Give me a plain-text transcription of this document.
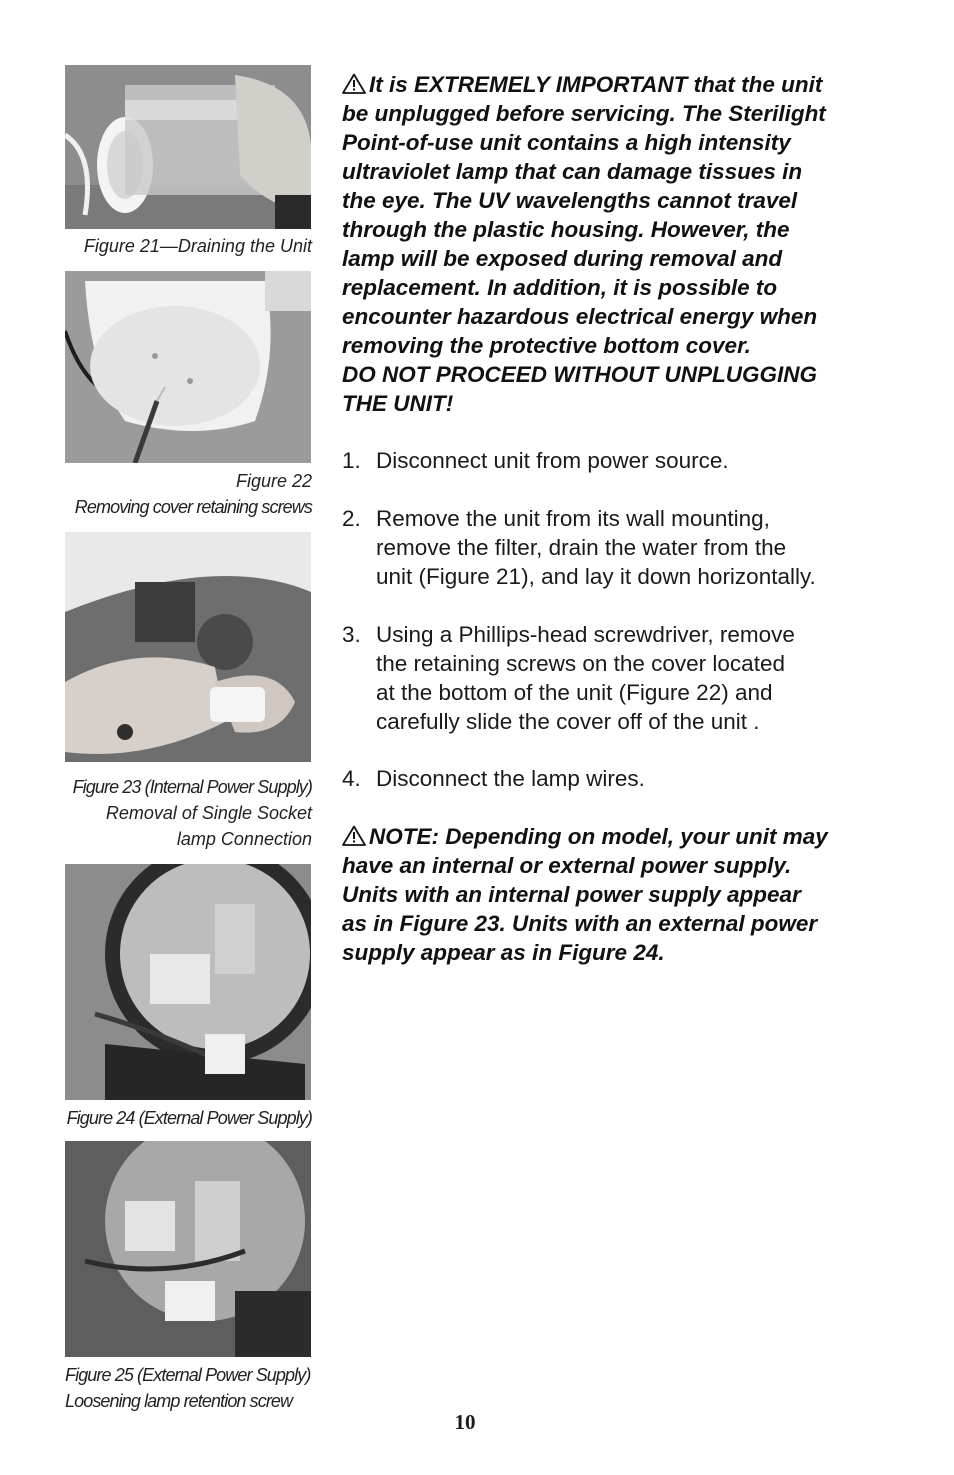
Figure 21—Draining the Unit
Figure 22
Removing cover retaining screws
Figure 23 (Internal Power Supply)
Removal of Single Socket
lamp Connection
Figure 24 (External Power Supply)
Figure 25 (External Power Supply)
Loosening lamp retention screw
It is EXTREMELY IMPORTANT that the unit
be unplugged before servicing. The Sterilight
Point-of-use unit contains a high intensity
ultraviolet lamp that can damage tissues in
the eye. The UV wavelengths cannot travel
through the plastic housing. However, the
lamp will be exposed during removal and
replacement. In addition, it is possible to
encounter hazardous electrical energy when
removing the protective bottom cover.
DO NOT PROCEED WITHOUT UNPLUGGING
THE UNIT!
1. Disconnect unit from power source.
2. Remove the unit from its wall mounting,
remove the filter, drain the water from the
unit (Figure 21), and lay it down horizontally.
3. Using a Phillips-head screwdriver, remove
the retaining screws on the cover located
at the bottom of the unit (Figure 22) and
carefully slide the cover off of the unit .
4. Disconnect the lamp wires.
NOTE: Depending on model, your unit may
have an internal or external power supply.
Units with an internal power supply appear
as in Figure 23. Units with an external power
supply appear as in Figure 24.
10
